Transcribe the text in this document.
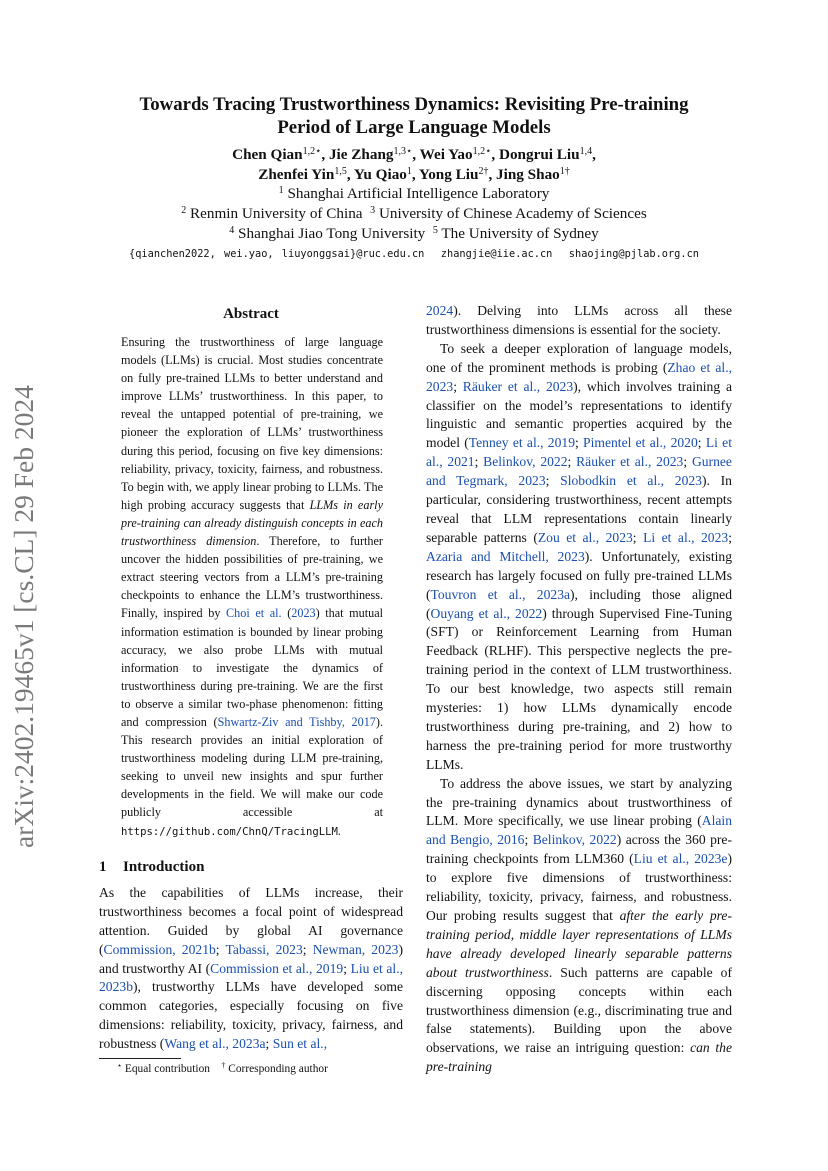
arXiv:2402.19465v1 [cs.CL] 29 Feb 2024
Towards Tracing Trustworthiness Dynamics: Revisiting Pre-training
Period of Large Language Models
Chen Qian$^{1,2⋆}$, Jie Zhang$^{1,3⋆}$, Wei Yao$^{1,2⋆}$, Dongrui Liu$^{1,4}$,
Zhenfei Yin$^{1,5}$, Yu Qiao$^1$, Yong Liu$^{2\dagger}$, Jing Shao$^{1\dagger}$
$^1$ Shanghai Artificial Intelligence Laboratory
$^2$ Renmin University of China $^3$ University of Chinese Academy of Sciences
$^4$ Shanghai Jiao Tong University $^5$ The University of Sydney
{qianchen2022, wei.yao, liuyonggsai}@ruc.edu.cn zhangjie@iie.ac.cn shaojing@pjlab.org.cn
Abstract

Ensuring the trustworthiness of large language models (LLMs) is crucial. Most studies concentrate on fully pre-trained LLMs to better understand and improve LLMs’ trustworthiness. In this paper, to reveal the untapped potential of pre-training, we pioneer the exploration of LLMs’ trustworthiness during this period, focusing on five key dimensions: reliability, privacy, toxicity, fairness, and robustness. To begin with, we apply linear probing to LLMs. The high probing accuracy suggests that LLMs in early pre-training can already distinguish concepts in each trustworthiness dimension. Therefore, to further uncover the hidden possibilities of pre-training, we extract steering vectors from a LLM’s pre-training checkpoints to enhance the LLM’s trustworthiness. Finally, inspired by Choi et al. (2023) that mutual information estimation is bounded by linear probing accuracy, we also probe LLMs with mutual information to investigate the dynamics of trustworthiness during pre-training. We are the first to observe a similar two-phase phenomenon: fitting and compression (Shwartz-Ziv and Tishby, 2017). This research provides an initial exploration of trustworthiness modeling during LLM pre-training, seeking to unveil new insights and spur further developments in the field. We will make our code publicly accessible at https://github.com/ChnQ/TracingLLM.

1 Introduction

As the capabilities of LLMs increase, their trustworthiness becomes a focal point of widespread attention. Guided by global AI governance (Commission, 2021b; Tabassi, 2023; Newman, 2023) and trustworthy AI (Commission et al., 2019; Liu et al., 2023b), trustworthy LLMs have developed some common categories, especially focusing on five dimensions: reliability, toxicity, privacy, fairness, and robustness (Wang et al., 2023a; Sun et al.,

2024). Delving into LLMs across all these trustworthiness dimensions is essential for the society.

To seek a deeper exploration of language models, one of the prominent methods is probing (Zhao et al., 2023; Räuker et al., 2023), which involves training a classifier on the model’s representations to identify linguistic and semantic properties acquired by the model (Tenney et al., 2019; Pimentel et al., 2020; Li et al., 2021; Belinkov, 2022; Räuker et al., 2023; Gurnee and Tegmark, 2023; Slobodkin et al., 2023). In particular, considering trustworthiness, recent attempts reveal that LLM representations contain linearly separable patterns (Zou et al., 2023; Li et al., 2023; Azaria and Mitchell, 2023). Unfortunately, existing research has largely focused on fully pre-trained LLMs (Touvron et al., 2023a), including those aligned (Ouyang et al., 2022) through Supervised Fine-Tuning (SFT) or Reinforcement Learning from Human Feedback (RLHF). This perspective neglects the pre-training period in the context of LLM trustworthiness. To our best knowledge, two aspects still remain mysteries: 1) how LLMs dynamically encode trustworthiness during pre-training, and 2) how to harness the pre-training period for more trustworthy LLMs.

To address the above issues, we start by analyzing the pre-training dynamics about trustworthiness of LLM. More specifically, we use linear probing (Alain and Bengio, 2016; Belinkov, 2022) across the 360 pre-training checkpoints from LLM360 (Liu et al., 2023e) to explore five dimensions of trustworthiness: reliability, toxicity, privacy, fairness, and robustness. Our probing results suggest that after the early pre-training period, middle layer representations of LLMs have already developed linearly separable patterns about trustworthiness. Such patterns are capable of discerning opposing concepts within each trustworthiness dimension (e.g., discriminating true and false statements). Building upon the above observations, we raise an intriguing question: can the pre-training

⋆ Equal contribution † Corresponding author
